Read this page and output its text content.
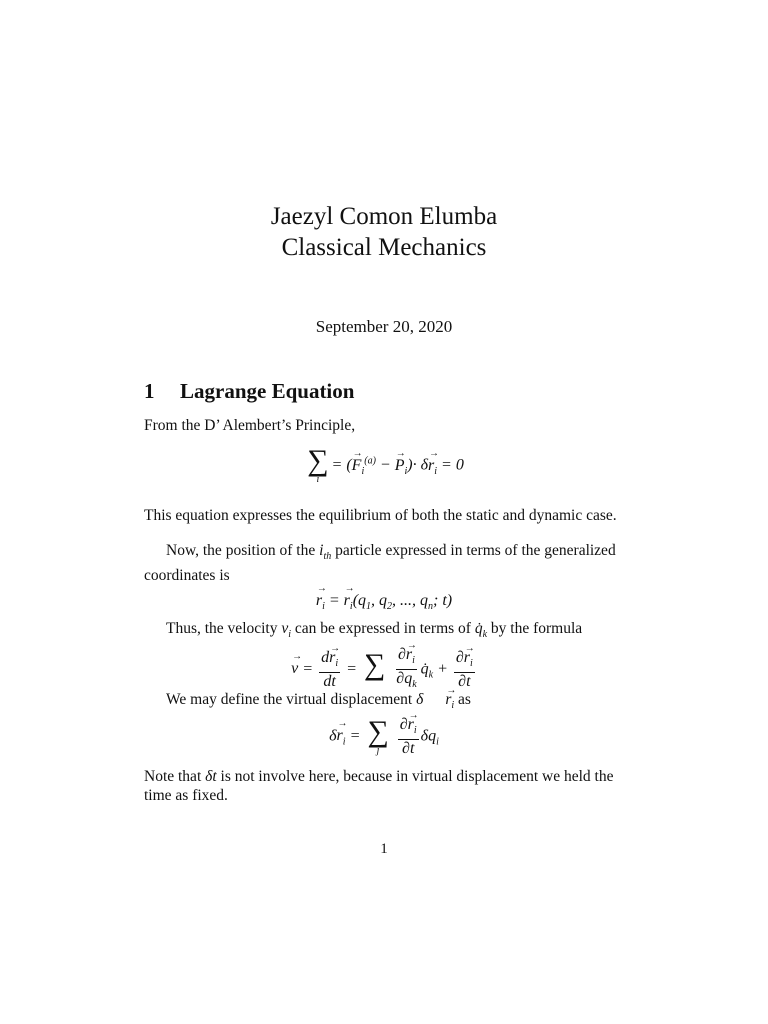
Jaezyl Comon Elumba
Classical Mechanics
September 20, 2020
1 Lagrange Equation
From the D’ Alembert’s Principle,
∑
i
= (→ $F_i^{(a)}$ − → $P_i)\cdot \delta\to r_i = 0$
This equation expresses the equilibrium of both the static and dynamic case.
Now, the position of the $i_{th}$ particle expressed in terms of the generalized coordinates is
→ $r_i$ = → $r_i(q_1$, $q_2$, ..., $q_n$; t)
Thus, the velocity $v_i$ can be expressed in terms of $q̇_k$ by the formula
→ $v = \frac{d\to r_i}{dt}$ = ∑

$\frac{\partial\to r_i}{\partial q_k}$ $q̇_k + \frac{\partial\to r_i}{\partial t}$
We may define the virtual displacement $\delta\to r_i$ as
$\delta\to r_i$ = ∑
j
$\frac{\partial\to r_i}{\partial t} \delta q_i$
Note that δt is not involve here, because in virtual displacement we held the time as fixed.
1
